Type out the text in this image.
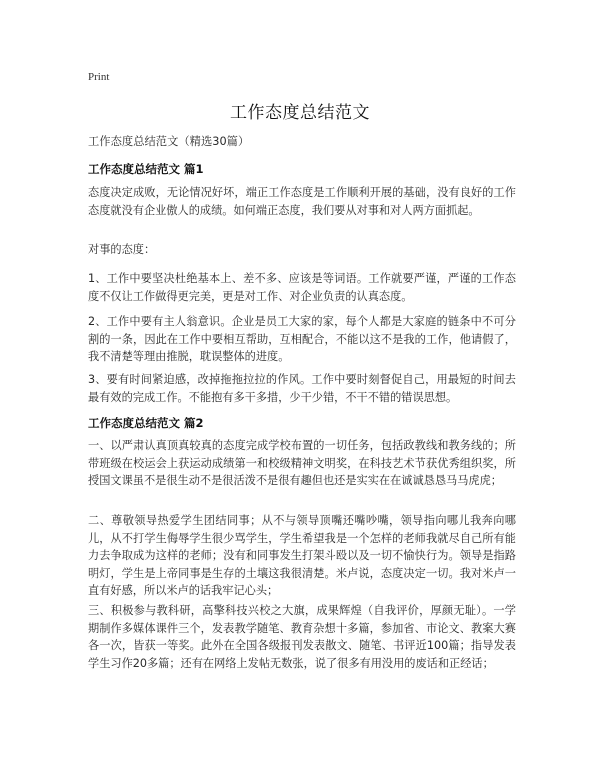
Print
工作态度总结范文
工作态度总结范文（精选30篇）
工作态度总结范文 篇1
态度决定成败，无论情况好坏，端正工作态度是工作顺利开展的基础，没有良好的工作态度就没有企业傲人的成绩。如何端正态度，我们要从对事和对人两方面抓起。
对事的态度：
1、工作中要坚决杜绝基本上、差不多、应该是等词语。工作就要严谨，严谨的工作态度不仅让工作做得更完美，更是对工作、对企业负责的认真态度。
2、工作中要有主人翁意识。企业是员工大家的家，每个人都是大家庭的链条中不可分割的一条，因此在工作中要相互帮助，互相配合，不能以这不是我的工作，他请假了，我不清楚等理由推脱，耽误整体的进度。
3、要有时间紧迫感，改掉拖拖拉拉的作风。工作中要时刻督促自己，用最短的时间去最有效的完成工作。不能抱有多干多措，少干少错，不干不错的错误思想。
工作态度总结范文 篇2
一、以严肃认真顶真较真的态度完成学校布置的一切任务，包括政教线和教务线的；所带班级在校运会上获运动成绩第一和校级精神文明奖，在科技艺术节获优秀组织奖，所授国文课虽不是很生动不是很活泼不是很有趣但也还是实实在在诚诚恳恳马马虎虎；
二、尊敬领导热爱学生团结同事；从不与领导顶嘴还嘴吵嘴，领导指向哪儿我奔向哪儿，从不打学生侮辱学生很少骂学生，学生希望我是一个怎样的老师我就尽自己所有能力去争取成为这样的老师；没有和同事发生打架斗殴以及一切不愉快行为。领导是指路明灯，学生是上帝同事是生存的土壤这我很清楚。米卢说，态度决定一切。我对米卢一直有好感，所以米卢的话我牢记心头；
三、积极参与教科研，高擎科技兴校之大旗，成果辉煌（自我评价，厚颜无耻）。一学期制作多媒体课件三个，发表教学随笔、教育杂想十多篇，参加省、市论文、教案大赛各一次，皆获一等奖。此外在全国各级报刊发表散文、随笔、书评近100篇；指导发表学生习作20多篇；还有在网络上发帖无数张，说了很多有用没用的废话和正经话；
